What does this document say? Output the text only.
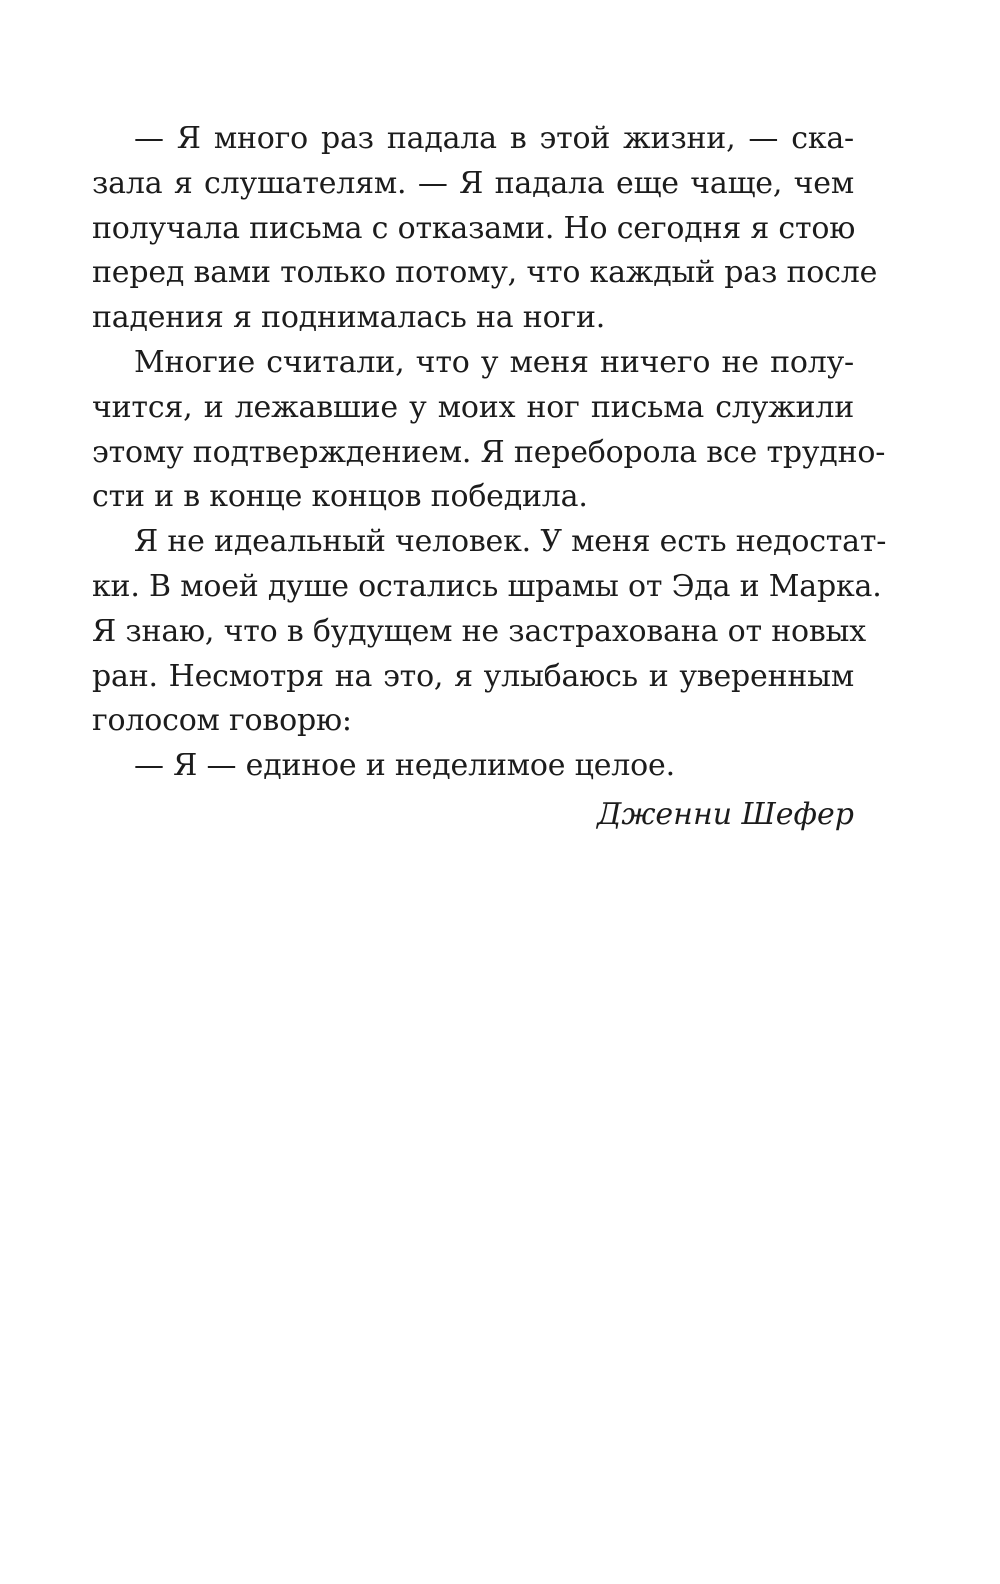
— Я много раз падала в этой жизни, — ска-
зала я слушателям. — Я падала еще чаще, чем
получала письма с отказами. Но сегодня я стою
перед вами только потому, что каждый раз после
падения я поднималась на ноги.
Многие считали, что у меня ничего не полу-
чится, и лежавшие у моих ног письма служили
этому подтверждением. Я переборола все трудно-
сти и в конце концов победила.
Я не идеальный человек. У меня есть недостат-
ки. В моей душе остались шрамы от Эда и Марка.
Я знаю, что в будущем не застрахована от новых
ран. Несмотря на это, я улыбаюсь и уверенным
голосом говорю:
— Я — единое и неделимое целое.
Дженни Шефер
